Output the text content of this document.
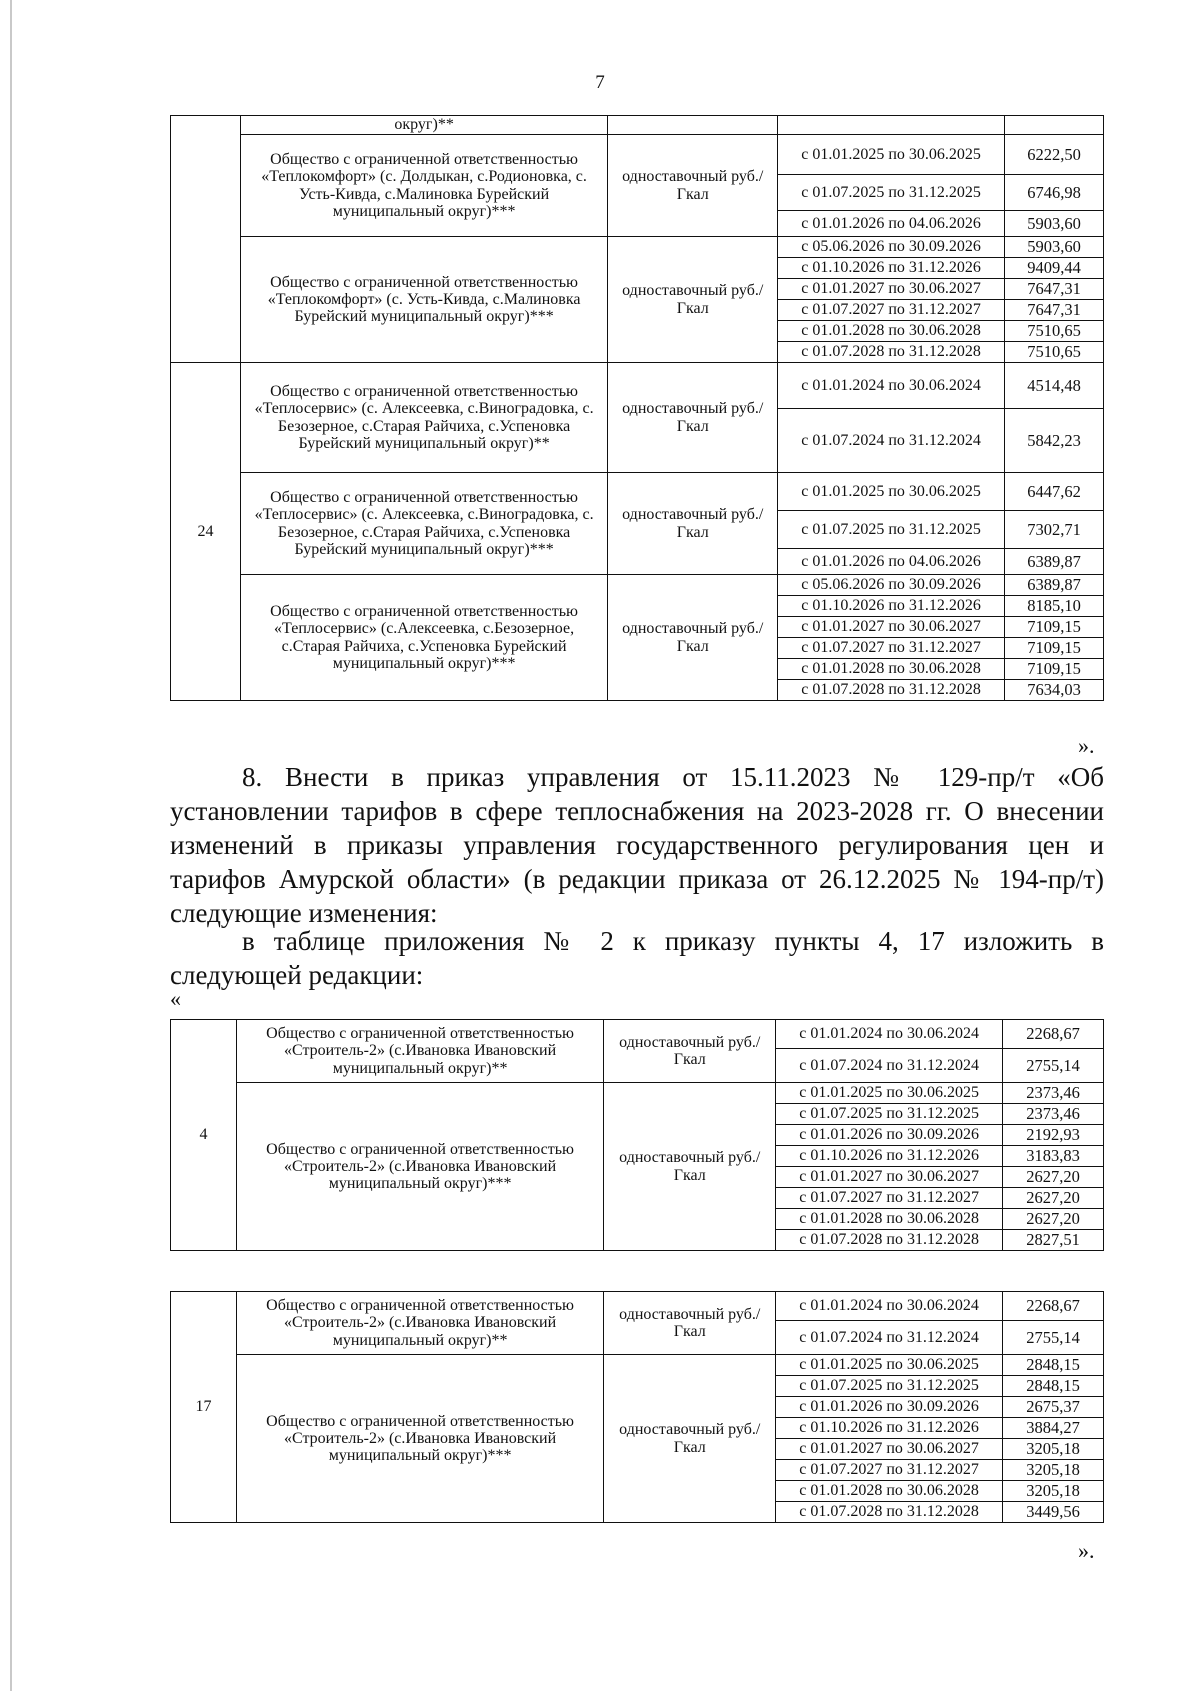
7
	округ)**			
	Общество с ограниченной ответственностью «Теплокомфорт» (с. Долдыкан, с.Родионовка, с. Усть-Кивда, с.Малиновка Бурейский муниципальный округ)***	одноставочный руб./Гкал	с 01.01.2025 по 30.06.2025	6222,50
			с 01.07.2025 по 31.12.2025	6746,98
			с 01.01.2026 по 04.06.2026	5903,60
	Общество с ограниченной ответственностью «Теплокомфорт» (с. Усть-Кивда, с.Малиновка Бурейский муниципальный округ)***	одноставочный руб./Гкал	с 05.06.2026 по 30.09.2026	5903,60
			с 01.10.2026 по 31.12.2026	9409,44
			с 01.01.2027 по 30.06.2027	7647,31
			с 01.07.2027 по 31.12.2027	7647,31
			с 01.01.2028 по 30.06.2028	7510,65
			с 01.07.2028 по 31.12.2028	7510,65
24	Общество с ограниченной ответственностью «Теплосервис» (с. Алексеевка, с.Виноградовка, с. Безозерное, с.Старая Райчиха, с.Успеновка Бурейский муниципальный округ)**	одноставочный руб./Гкал	с 01.01.2024 по 30.06.2024	4514,48
			с 01.07.2024 по 31.12.2024	5842,23
	Общество с ограниченной ответственностью «Теплосервис» (с. Алексеевка, с.Виноградовка, с. Безозерное, с.Старая Райчиха, с.Успеновка Бурейский муниципальный округ)***	одноставочный руб./Гкал	с 01.01.2025 по 30.06.2025	6447,62
			с 01.07.2025 по 31.12.2025	7302,71
			с 01.01.2026 по 04.06.2026	6389,87
	Общество с ограниченной ответственностью «Теплосервис» (с.Алексеевка, с.Безозерное, с.Старая Райчиха, с.Успеновка Бурейский муниципальный округ)***	одноставочный руб./Гкал	с 05.06.2026 по 30.09.2026	6389,87
			с 01.10.2026 по 31.12.2026	8185,10
			с 01.01.2027 по 30.06.2027	7109,15
			с 01.07.2027 по 31.12.2027	7109,15
			с 01.01.2028 по 30.06.2028	7109,15
			с 01.07.2028 по 31.12.2028	7634,03
».
8. Внести в приказ управления от 15.11.2023 № 129-пр/т «Об
установлении тарифов в сфере теплоснабжения на 2023-2028 гг. О внесении
изменений в приказы управления государственного регулирования цен и
тарифов Амурской области» (в редакции приказа от 26.12.2025 № 194-пр/т)
следующие изменения:
в таблице приложения № 2 к приказу пункты 4, 17 изложить в
следующей редакции:
«
4	Общество с ограниченной ответственностью «Строитель-2» (с.Ивановка Ивановский муниципальный округ)**	одноставочный руб./Гкал	с 01.01.2024 по 30.06.2024	2268,67
			с 01.07.2024 по 31.12.2024	2755,14
	Общество с ограниченной ответственностью «Строитель-2» (с.Ивановка Ивановский муниципальный округ)***	одноставочный руб./Гкал	с 01.01.2025 по 30.06.2025	2373,46
			с 01.07.2025 по 31.12.2025	2373,46
			с 01.01.2026 по 30.09.2026	2192,93
			с 01.10.2026 по 31.12.2026	3183,83
			с 01.01.2027 по 30.06.2027	2627,20
			с 01.07.2027 по 31.12.2027	2627,20
			с 01.01.2028 по 30.06.2028	2627,20
			с 01.07.2028 по 31.12.2028	2827,51
17	Общество с ограниченной ответственностью «Строитель-2» (с.Ивановка Ивановский муниципальный округ)**	одноставочный руб./Гкал	с 01.01.2024 по 30.06.2024	2268,67
			с 01.07.2024 по 31.12.2024	2755,14
	Общество с ограниченной ответственностью «Строитель-2» (с.Ивановка Ивановский муниципальный округ)***	одноставочный руб./Гкал	с 01.01.2025 по 30.06.2025	2848,15
			с 01.07.2025 по 31.12.2025	2848,15
			с 01.01.2026 по 30.09.2026	2675,37
			с 01.10.2026 по 31.12.2026	3884,27
			с 01.01.2027 по 30.06.2027	3205,18
			с 01.07.2027 по 31.12.2027	3205,18
			с 01.01.2028 по 30.06.2028	3205,18
			с 01.07.2028 по 31.12.2028	3449,56
».
